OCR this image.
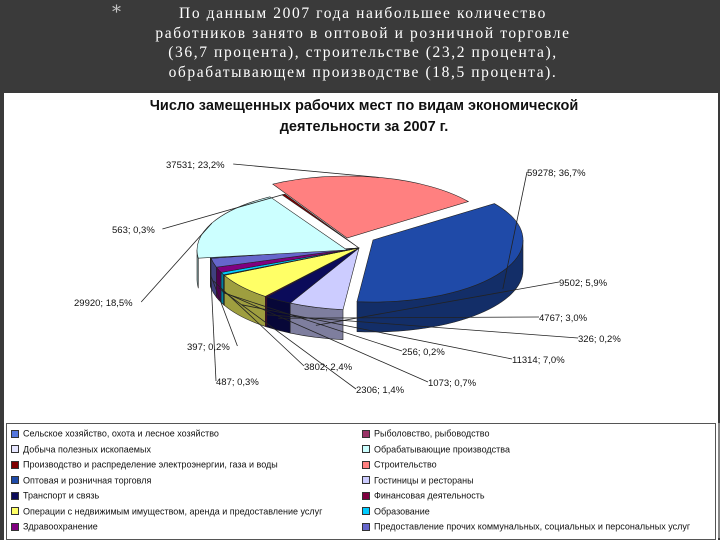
*	По данным 2007 года наибольшее количество
работников занято в оптовой и розничной торговле
(36,7 процента), строительстве (23,2 процента),
обрабатывающем производстве (18,5 процента).
Число замещенных рабочих мест по видам экономической
деятельности за 2007 г.
59278; 36,7%
9502; 5,9%
4767; 3,0%
326; 0,2%
11314; 7,0%
256; 0,2%
1073; 0,7%
2306; 1,4%
3802; 2,4%
487; 0,3%
397; 0,2%
29920; 18,5%
563; 0,3%
37531; 23,2%
Сельское хозяйство, охота и лесное хозяйство	Рыболовство, рыбоводство
Добыча полезных ископаемых	Обрабатывающие производства
Производство и распределение электроэнергии, газа и воды	Строительство
Оптовая и розничная торговля	Гостиницы и рестораны
Транспорт и связь	Финансовая деятельность
Операции с недвижимым имуществом, аренда и предоставление услуг	Образование
Здравоохранение	Предоставление прочих коммунальных, социальных и персональных услуг
